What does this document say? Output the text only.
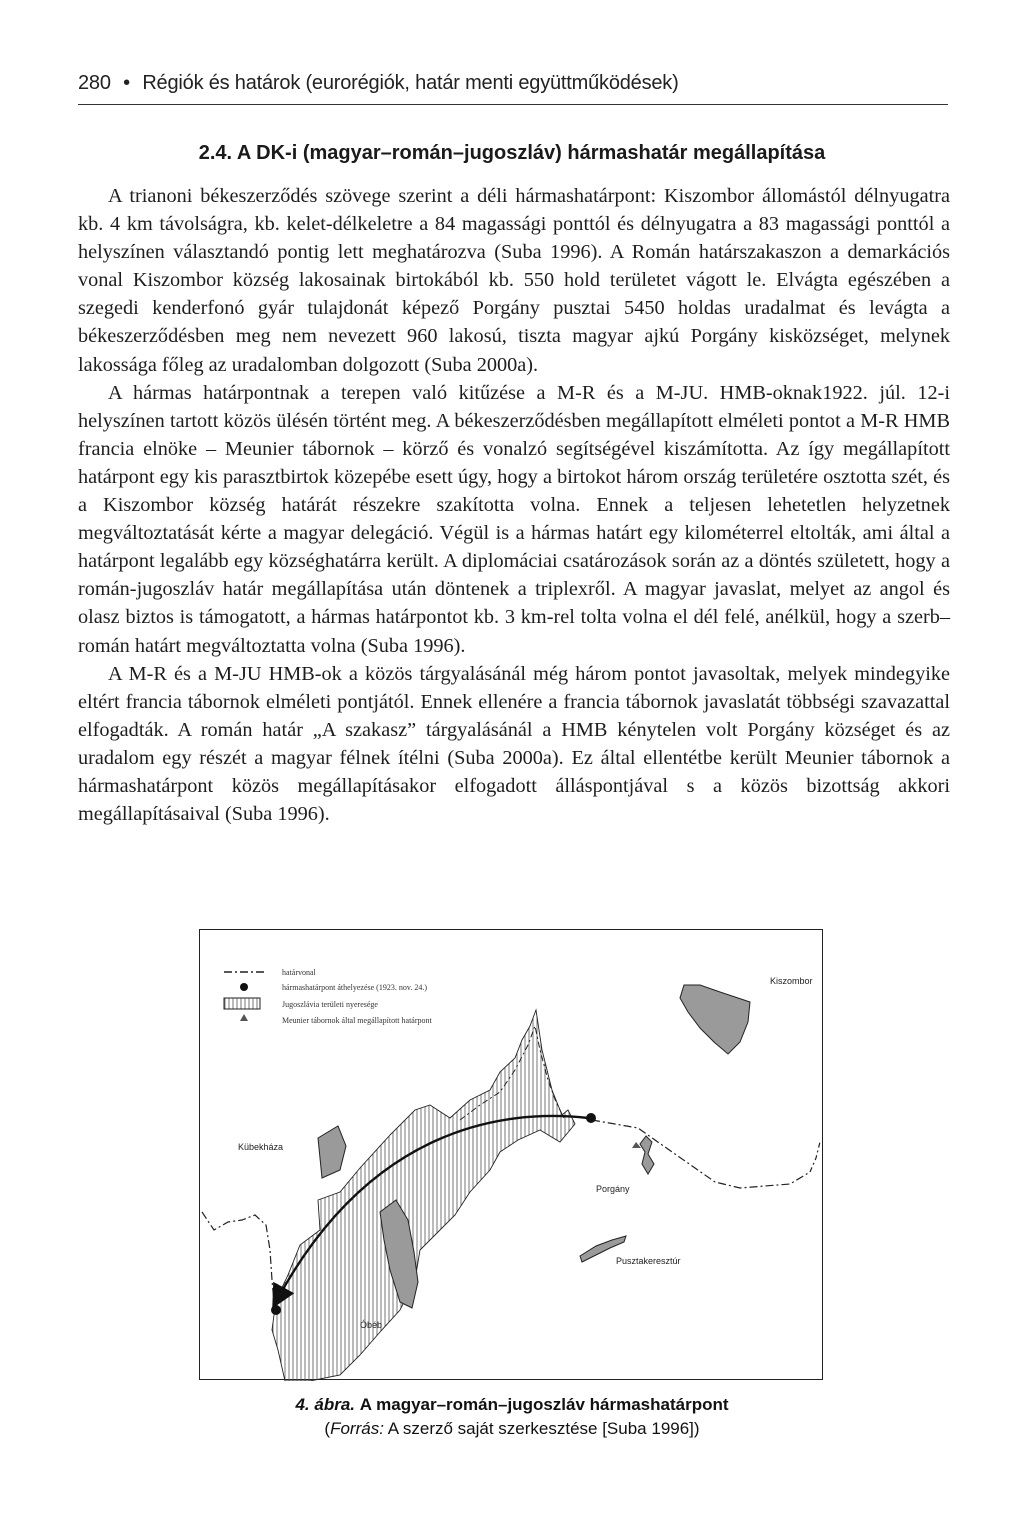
280 • Régiók és határok (eurorégiók, határ menti együttműködések)
2.4. A DK-i (magyar–román–jugoszláv) hármashatár megállapítása

A trianoni békeszerződés szövege szerint a déli hármashatárpont: Kiszombor állomástól délnyugatra kb. 4 km távolságra, kb. kelet-délkeletre a 84 magassági ponttól és délnyugatra a 83 magassági ponttól a helyszínen választandó pontig lett meghatározva (Suba 1996). A Román határszakaszon a demarkációs vonal Kiszombor község lakosainak birtokából kb. 550 hold területet vágott le. Elvágta egészében a szegedi kenderfonó gyár tulajdonát képező Porgány pusztai 5450 holdas uradalmat és levágta a békeszerződésben meg nem nevezett 960 lakosú, tiszta magyar ajkú Porgány kisközséget, melynek lakossága főleg az uradalomban dolgozott (Suba 2000a).

A hármas határpontnak a terepen való kitűzése a M-R és a M-JU. HMB-oknak1922. júl. 12-i helyszínen tartott közös ülésén történt meg. A békeszerződésben megállapított elméleti pontot a M-R HMB francia elnöke – Meunier tábornok – körző és vonalzó segítségével kiszámította. Az így megállapított határpont egy kis parasztbirtok közepébe esett úgy, hogy a birtokot három ország területére osztotta szét, és a Kiszombor község határát részekre szakította volna. Ennek a teljesen lehetetlen helyzetnek megváltoztatását kérte a magyar delegáció. Végül is a hármas határt egy kilométerrel eltolták, ami által a határpont legalább egy községhatárra került. A diplomáciai csatározások során az a döntés született, hogy a román-jugoszláv határ megállapítása után döntenek a triplexről. A magyar javaslat, melyet az angol és olasz biztos is támogatott, a hármas határpontot kb. 3 km-rel tolta volna el dél felé, anélkül, hogy a szerb–román határt megváltoztatta volna (Suba 1996).

A M-R és a M-JU HMB-ok a közös tárgyalásánál még három pontot javasoltak, melyek mindegyike eltért francia tábornok elméleti pontjától. Ennek ellenére a francia tábornok javaslatát többségi szavazattal elfogadták. A román határ „A szakasz” tárgyalásánál a HMB kénytelen volt Porgány községet és az uradalom egy részét a magyar félnek ítélni (Suba 2000a). Ez által ellentétbe került Meunier tábornok a hármashatárpont közös megállapításakor elfogadott álláspontjával s a közös bizottság akkori megállapításaival (Suba 1996).

határvonal
hármashatárpont áthelyezése (1923. nov. 24.)
Jugoszlávia területi nyeresége
Meunier tábornok által megállapított határpont
Kiszombor
Kübekháza
Óbéb
Porgány
Pusztakeresztúr
4. ábra. A magyar–román–jugoszláv hármashatárpont
(Forrás: A szerző saját szerkesztése [Suba 1996])
